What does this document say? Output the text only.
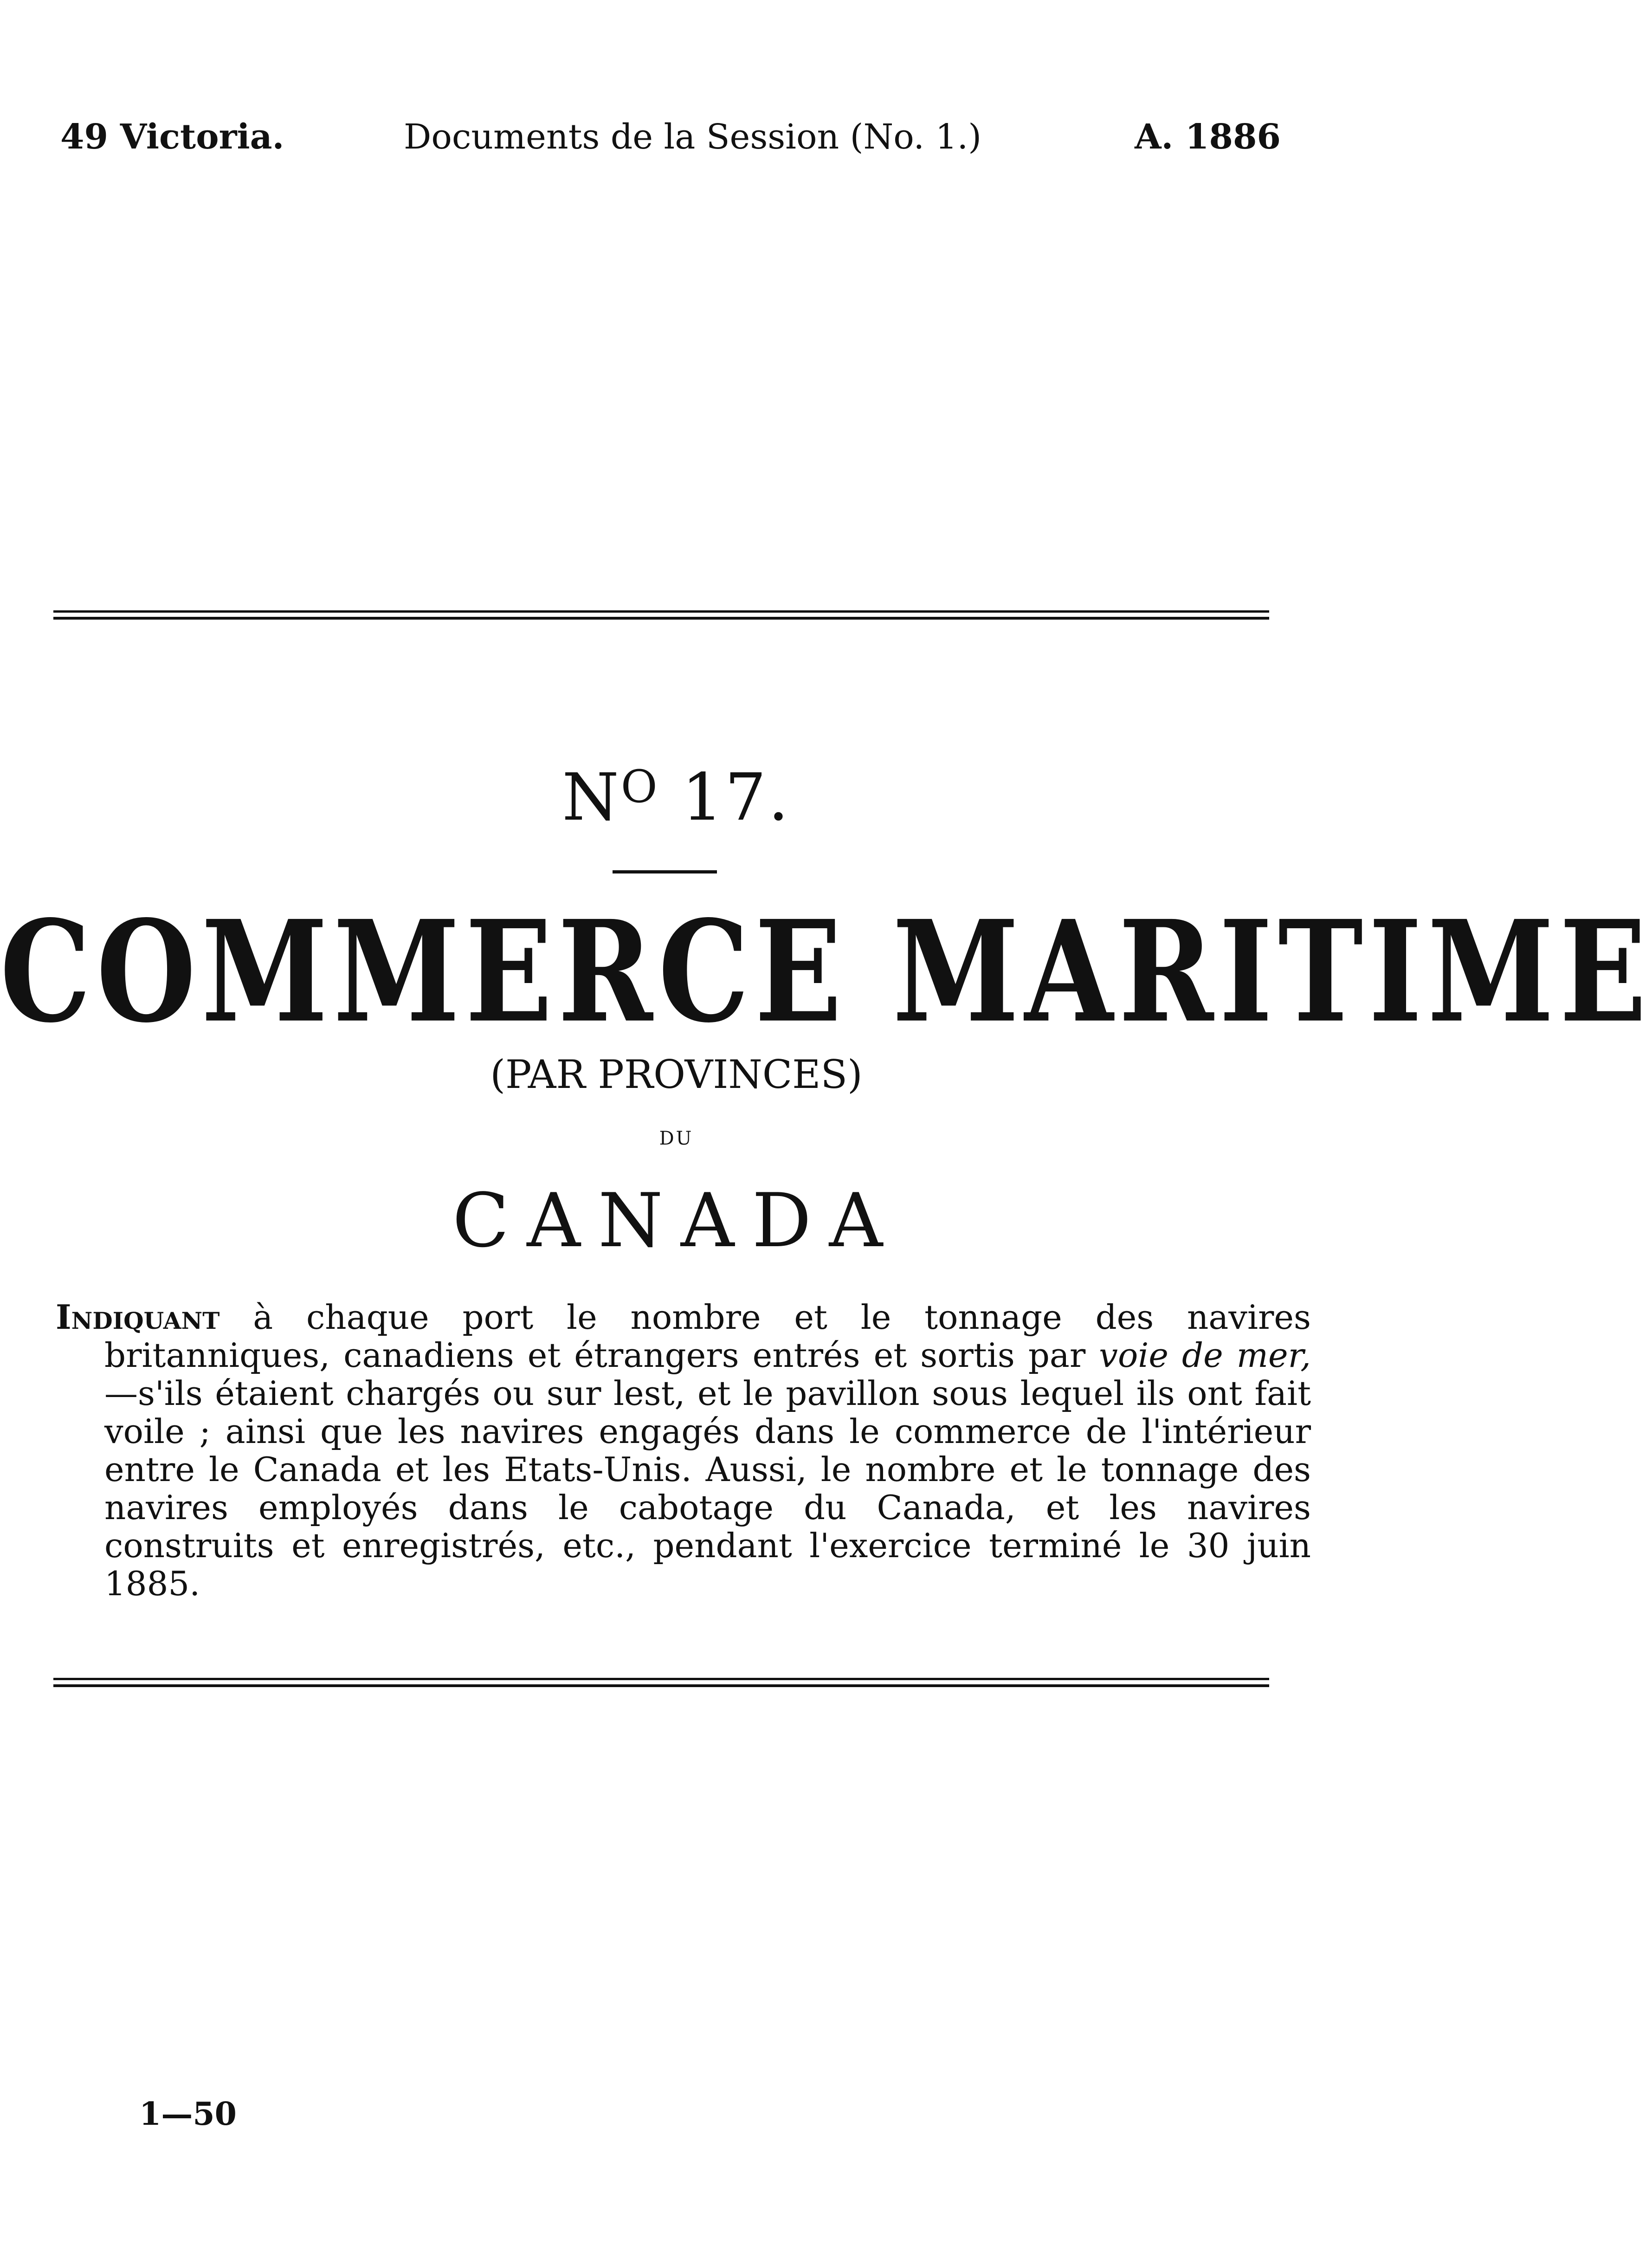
49 Victoria.	Documents de la Session (No. 1.)	A. 1886
$N^O$ 17.
COMMERCE MARITIME
(PAR PROVINCES)
DU
CANADA

Indiquant à chaque port le nombre et le tonnage des navires britanniques, canadiens et étrangers entrés et sortis par voie de mer,—s'ils étaient chargés ou sur lest, et le pavillon sous lequel ils ont fait voile ; ainsi que les navires engagés dans le commerce de l'intérieur entre le Canada et les Etats-Unis. Aussi, le nombre et le tonnage des navires employés dans le cabotage du Canada, et les navires construits et enregistrés, etc., pendant l'exercice terminé le 30 juin 1885.

1—50
